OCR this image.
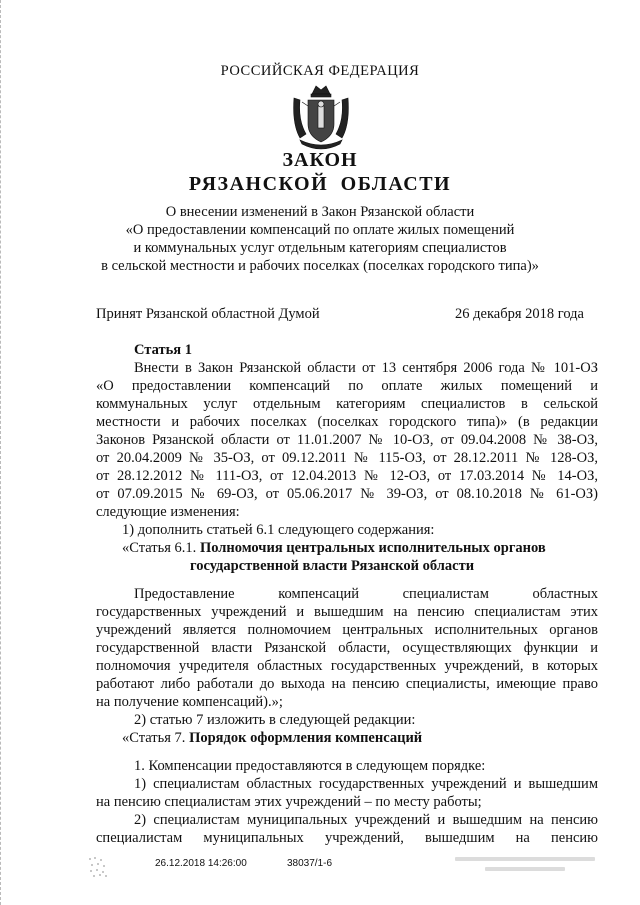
РОССИЙСКАЯ ФЕДЕРАЦИЯ
ЗАКОН
РЯЗАНСКОЙ ОБЛАСТИ
О внесении изменений в Закон Рязанской области
«О предоставлении компенсаций по оплате жилых помещений
и коммунальных услуг отдельным категориям специалистов
в сельской местности и рабочих поселках (поселках городского типа)»
Принят Рязанской областной Думой	26 декабря 2018 года
Статья 1
Внести в Закон Рязанской области от 13 сентября 2006 года № 101-ОЗ
«О предоставлении компенсаций по оплате жилых помещений и
коммунальных услуг отдельным категориям специалистов в сельской
местности и рабочих поселках (поселках городского типа)» (в редакции
Законов Рязанской области от 11.01.2007 № 10-ОЗ, от 09.04.2008 № 38-ОЗ,
от 20.04.2009 № 35-ОЗ, от 09.12.2011 № 115-ОЗ, от 28.12.2011 № 128-ОЗ,
от 28.12.2012 № 111-ОЗ, от 12.04.2013 № 12-ОЗ, от 17.03.2014 № 14-ОЗ,
от 07.09.2015 № 69-ОЗ, от 05.06.2017 № 39-ОЗ, от 08.10.2018 № 61-ОЗ)
следующие изменения:
1) дополнить статьей 6.1 следующего содержания:
«Статья 6.1. Полномочия центральных исполнительных органов
государственной власти Рязанской области
Предоставление компенсаций специалистам областных
государственных учреждений и вышедшим на пенсию специалистам этих
учреждений является полномочием центральных исполнительных органов
государственной власти Рязанской области, осуществляющих функции и
полномочия учредителя областных государственных учреждений, в которых
работают либо работали до выхода на пенсию специалисты, имеющие право
на получение компенсаций).»;
2) статью 7 изложить в следующей редакции:
«Статья 7. Порядок оформления компенсаций
1. Компенсации предоставляются в следующем порядке:
1) специалистам областных государственных учреждений и вышедшим
на пенсию специалистам этих учреждений – по месту работы;
2) специалистам муниципальных учреждений и вышедшим на пенсию
специалистам муниципальных учреждений, вышедшим на пенсию
26.12.2018 14:26:00	38037/1-6
